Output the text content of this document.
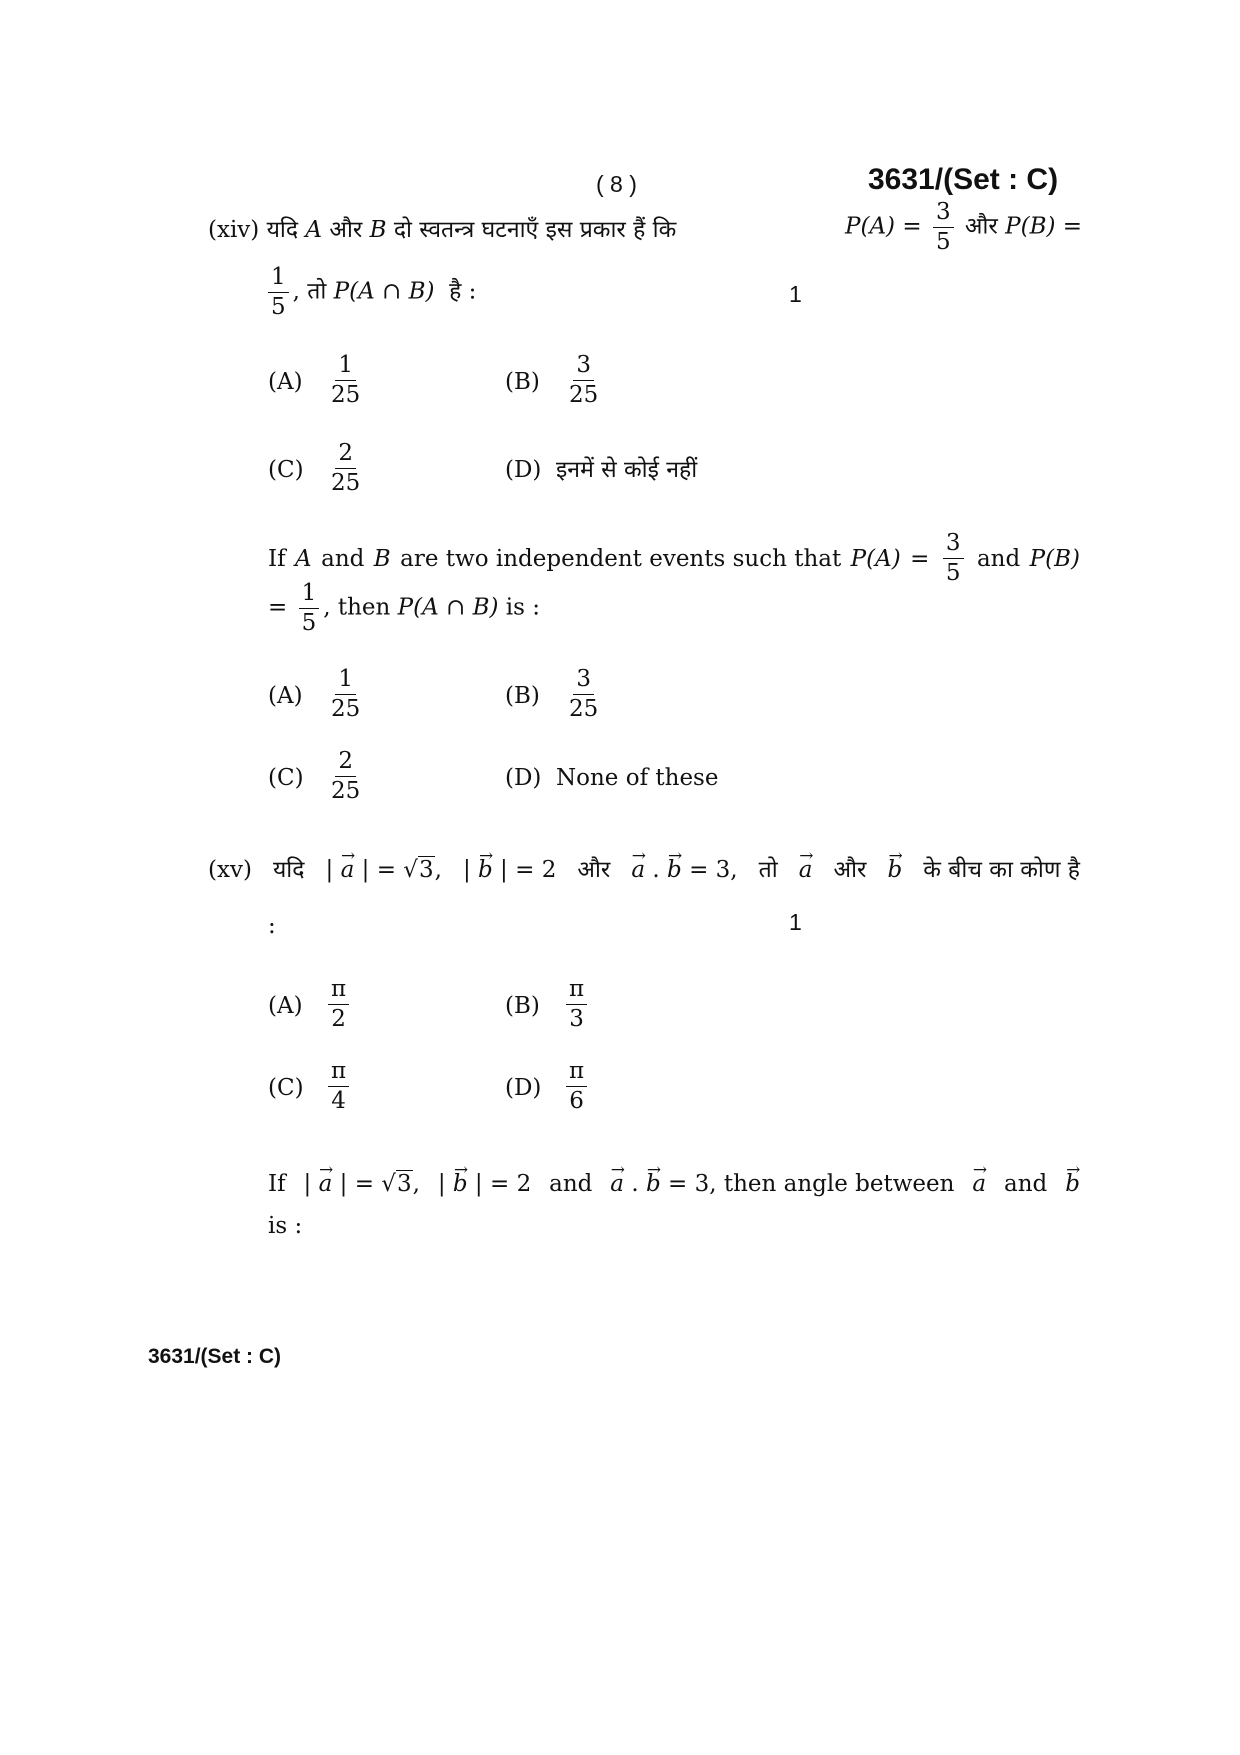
( 8 )	3631/(Set : C)
(xiv) यदि A और B दो स्वतन्त्र घटनाएँ इस प्रकार हैं कि	$P(A) = \frac{3}{5}$ और P(B) =
$\frac{1}{5}$ , तो P(A ∩ B) है :	1
$(A) \frac{1}{25}$	$(B) \frac{3}{25}$
$(C) \frac{2}{25}$	(D) इनमें से कोई नहीं
If A and B are two independent events such that $P(A) = \frac{3}{5}$ and P(B)
= $\frac{1}{5}$ , then P(A ∩ B) is :
$(A) \frac{1}{25}$	$(B) \frac{3}{25}$
$(C) \frac{2}{25}$	(D) None of these
(xv) यदि | → a | = √3, | → b | = 2 और → a . → b = 3, तो → a और → b के बीच का कोण है
:	1
$(A) \frac{\pi}{2}$	$(B) \frac{\pi}{3}$
$(C) \frac{\pi}{4}$	$(D) \frac{\pi}{6}$
If | → a | = √3, | → b | = 2 and → a . → b = 3, then angle between → a and → b
is :
3631/(Set : C)
